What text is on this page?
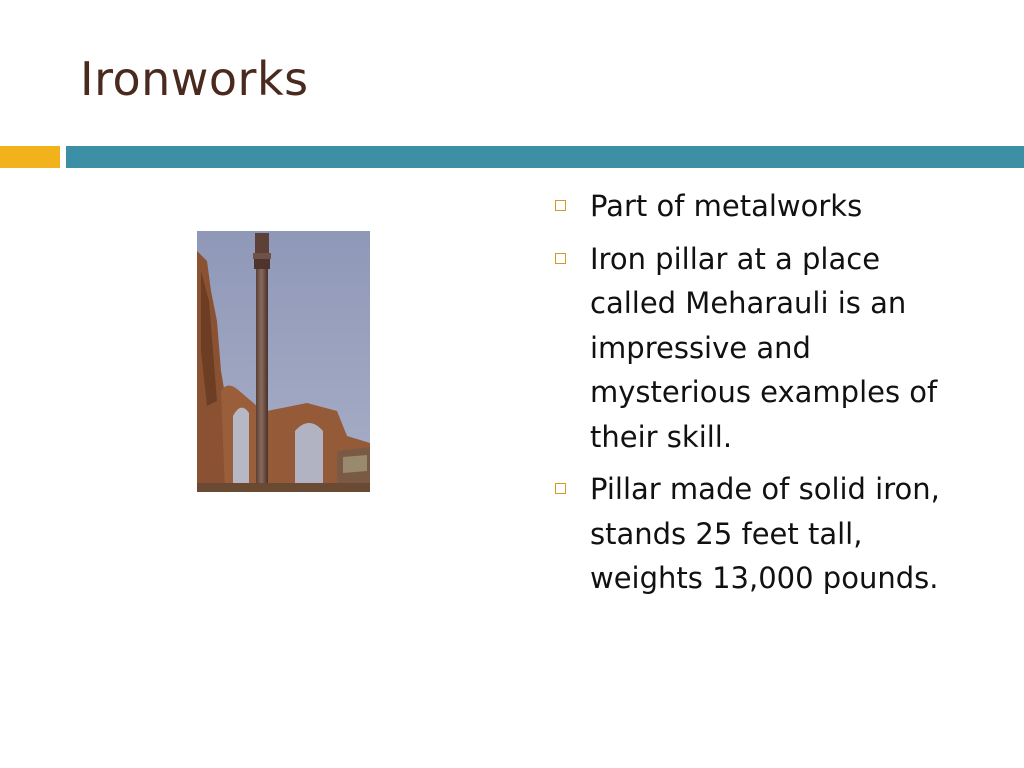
Ironworks
Part of metalworks
Iron pillar at a place called Meharauli is an impressive and mysterious examples of their skill.
Pillar made of solid iron, stands 25 feet tall, weights 13,000 pounds.
